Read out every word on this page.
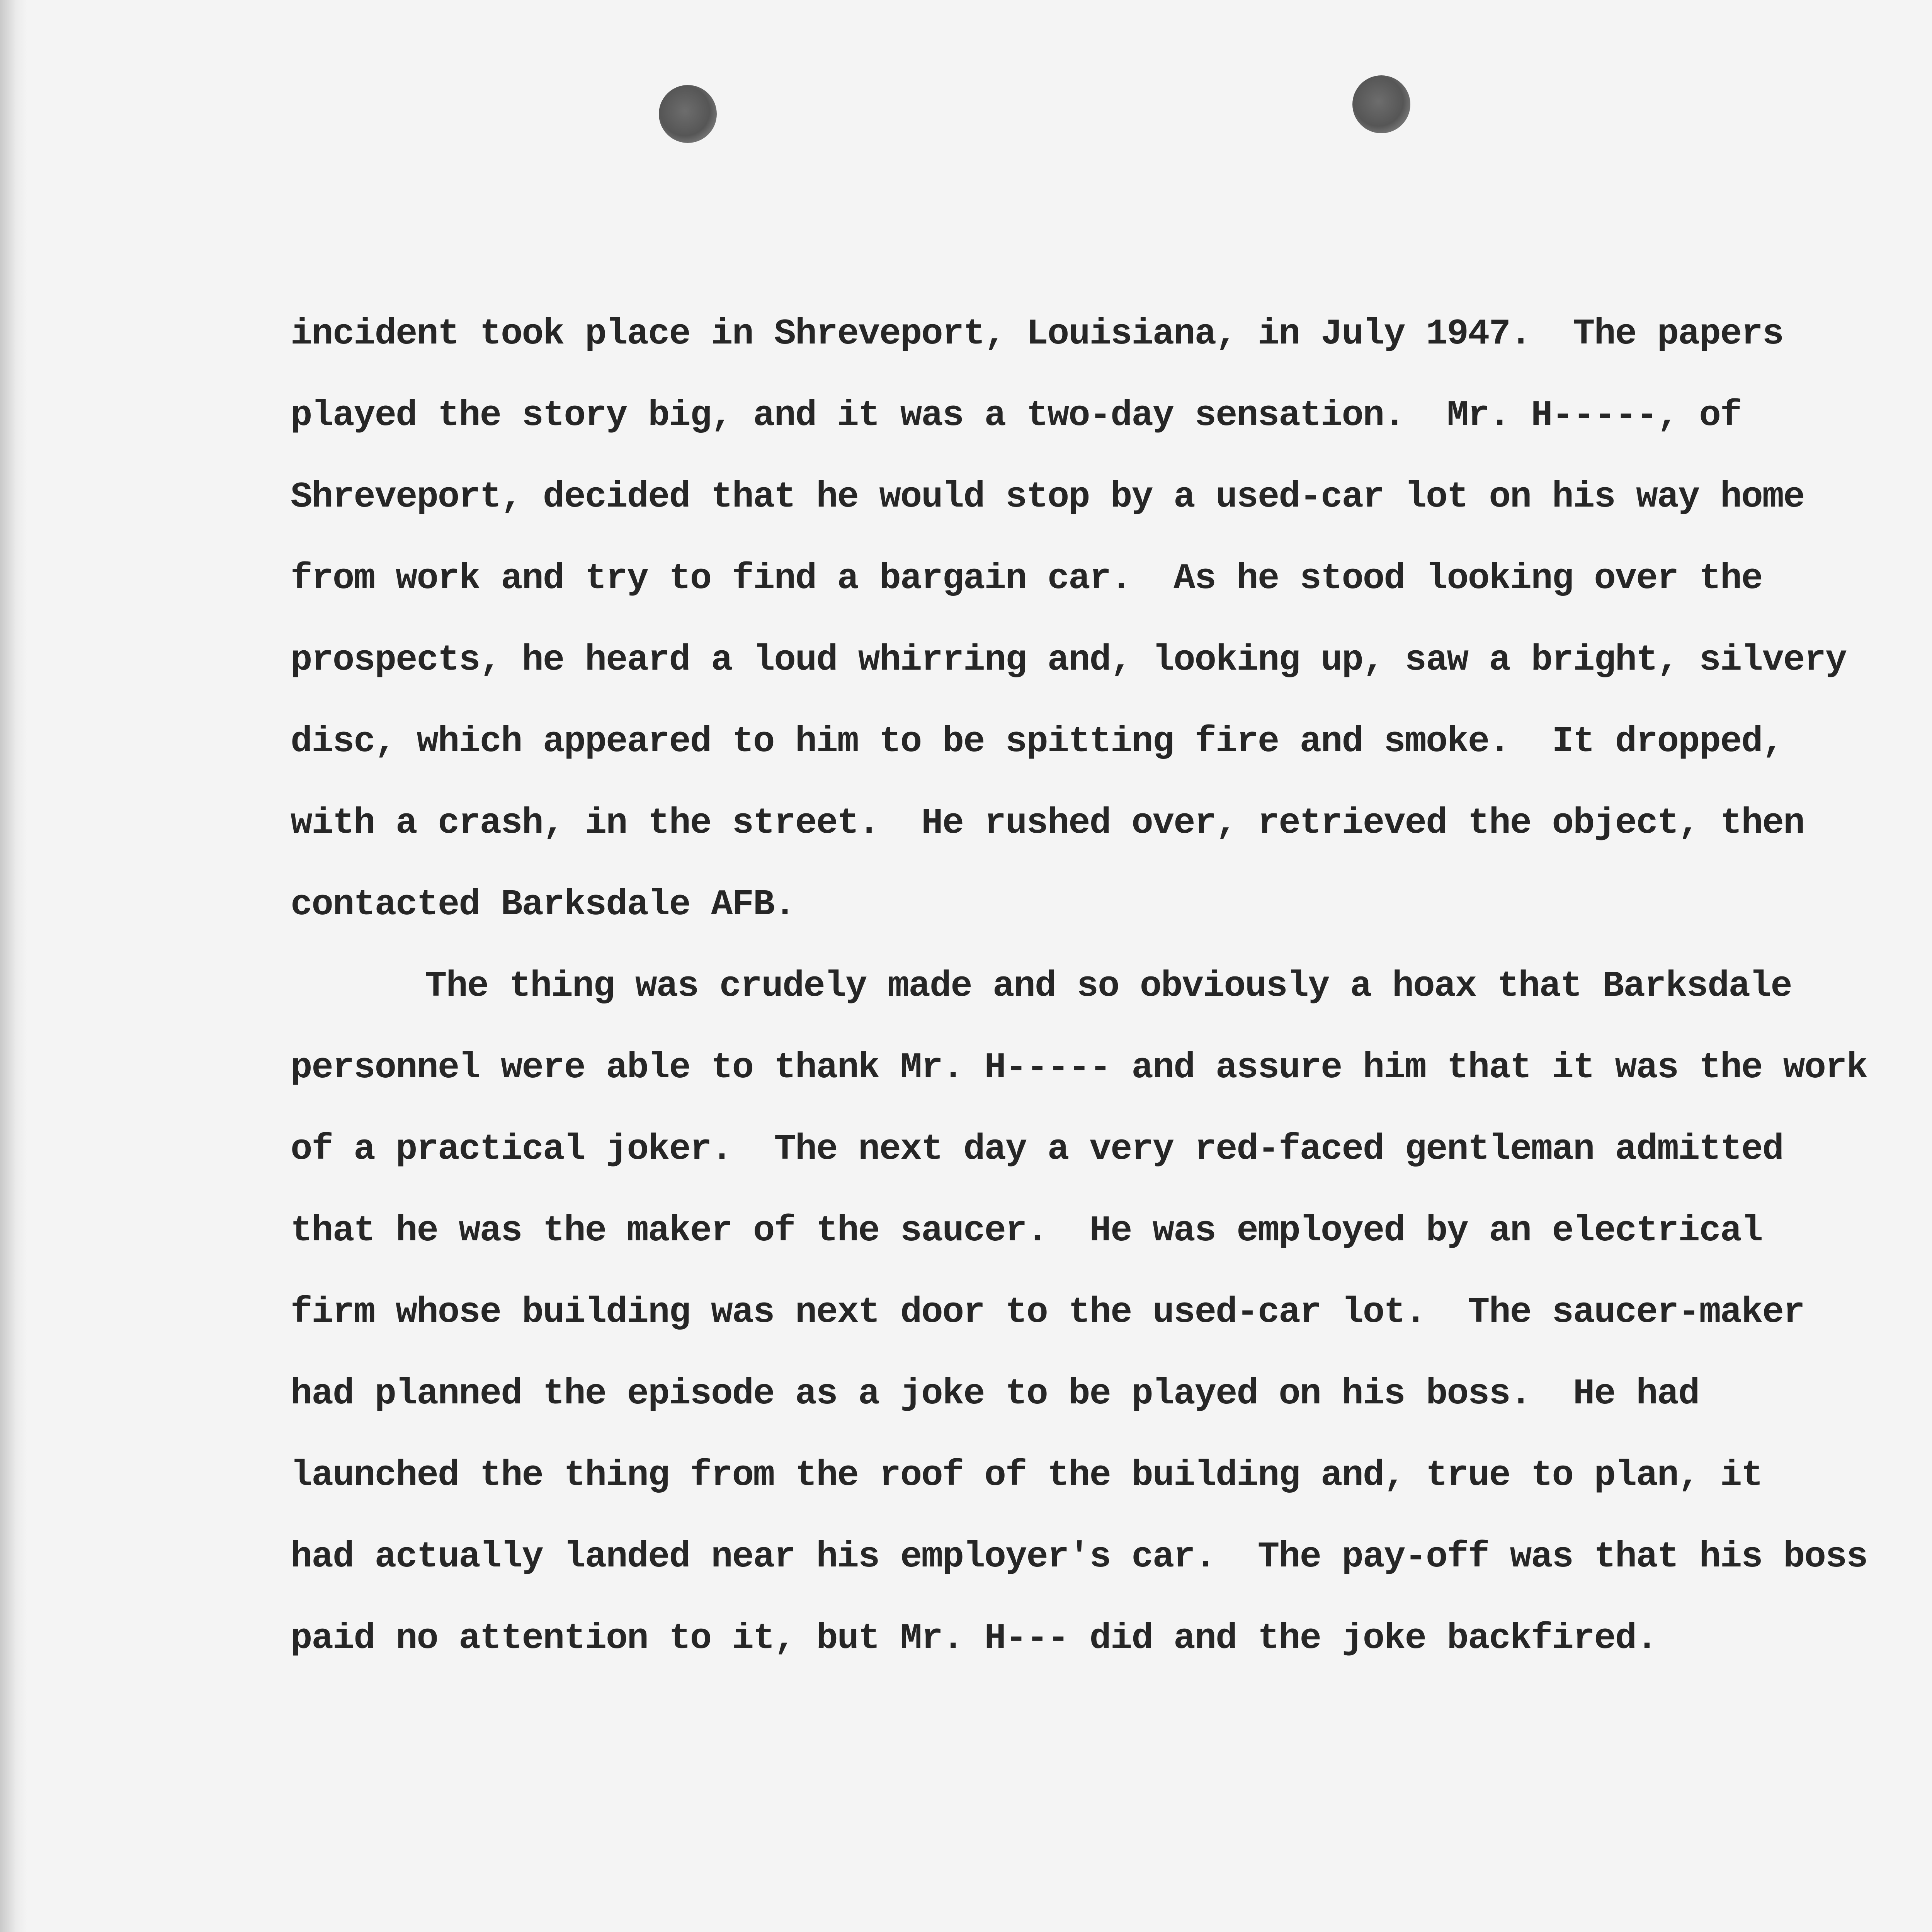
incident took place in Shreveport, Louisiana, in July 1947.  The papers
played the story big, and it was a two-day sensation.  Mr. H-----, of
Shreveport, decided that he would stop by a used-car lot on his way home
from work and try to find a bargain car.  As he stood looking over the
prospects, he heard a loud whirring and, looking up, saw a bright, silvery
disc, which appeared to him to be spitting fire and smoke.  It dropped,
with a crash, in the street.  He rushed over, retrieved the object, then
contacted Barksdale AFB.

The thing was crudely made and so obviously a hoax that Barksdale
personnel were able to thank Mr. H----- and assure him that it was the work
of a practical joker.  The next day a very red-faced gentleman admitted
that he was the maker of the saucer.  He was employed by an electrical
firm whose building was next door to the used-car lot.  The saucer-maker
had planned the episode as a joke to be played on his boss.  He had
launched the thing from the roof of the building and, true to plan, it
had actually landed near his employer's car.  The pay-off was that his boss
paid no attention to it, but Mr. H--- did and the joke backfired.
